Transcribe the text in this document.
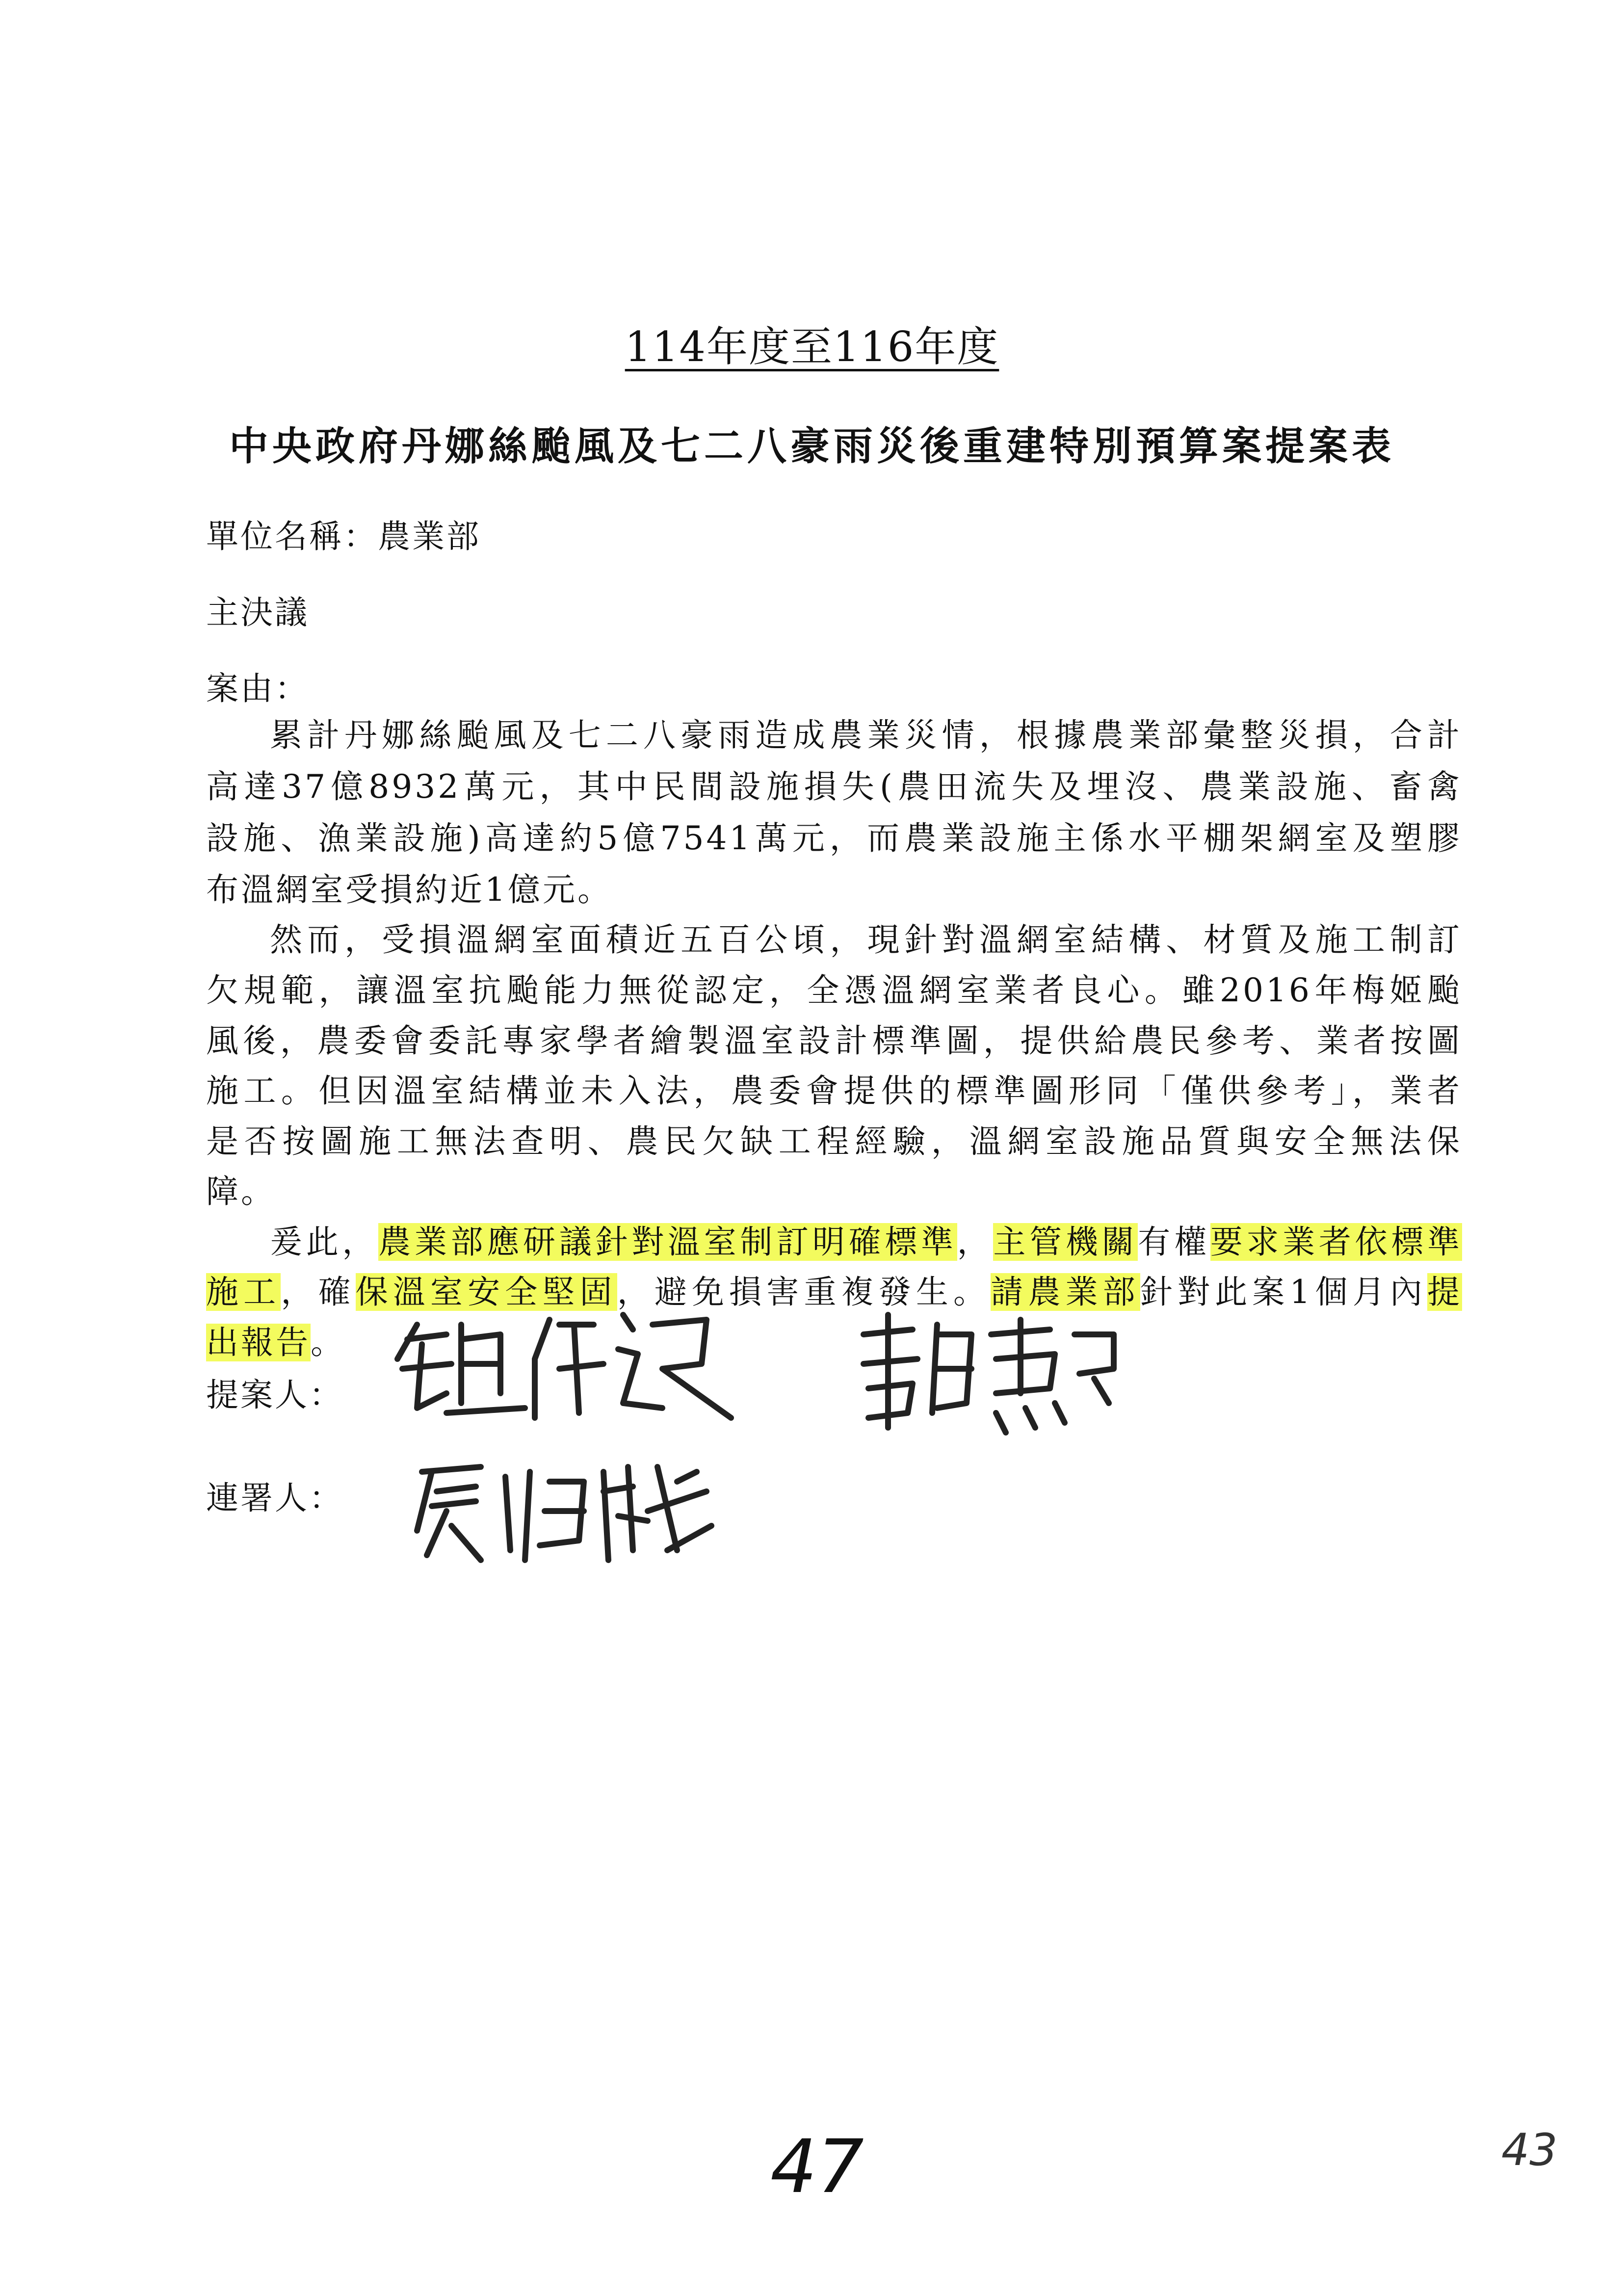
114年度至116年度
中央政府丹娜絲颱風及七二八豪雨災後重建特別預算案提案表
單位名稱：農業部
主決議
案由：
累計丹娜絲颱風及七二八豪雨造成農業災情，根據農業部彙整災損，合計
高達37億8932萬元，其中民間設施損失(農田流失及埋沒、農業設施、畜禽
設施、漁業設施)高達約5億7541萬元，而農業設施主係水平棚架網室及塑膠
布溫網室受損約近1億元。
然而，受損溫網室面積近五百公頃，現針對溫網室結構、材質及施工制訂
欠規範，讓溫室抗颱能力無從認定，全憑溫網室業者良心。雖2016年梅姬颱
風後，農委會委託專家學者繪製溫室設計標準圖，提供給農民參考、業者按圖
施工。但因溫室結構並未入法，農委會提供的標準圖形同「僅供參考」，業者
是否按圖施工無法查明、農民欠缺工程經驗，溫網室設施品質與安全無法保
障。
爰此，農業部應研議針對溫室制訂明確標準，主管機關有權要求業者依標準
施工，確保溫室安全堅固，避免損害重複發生。請農業部針對此案1個月內提
出報告。
提案人：
連署人：
47	43
